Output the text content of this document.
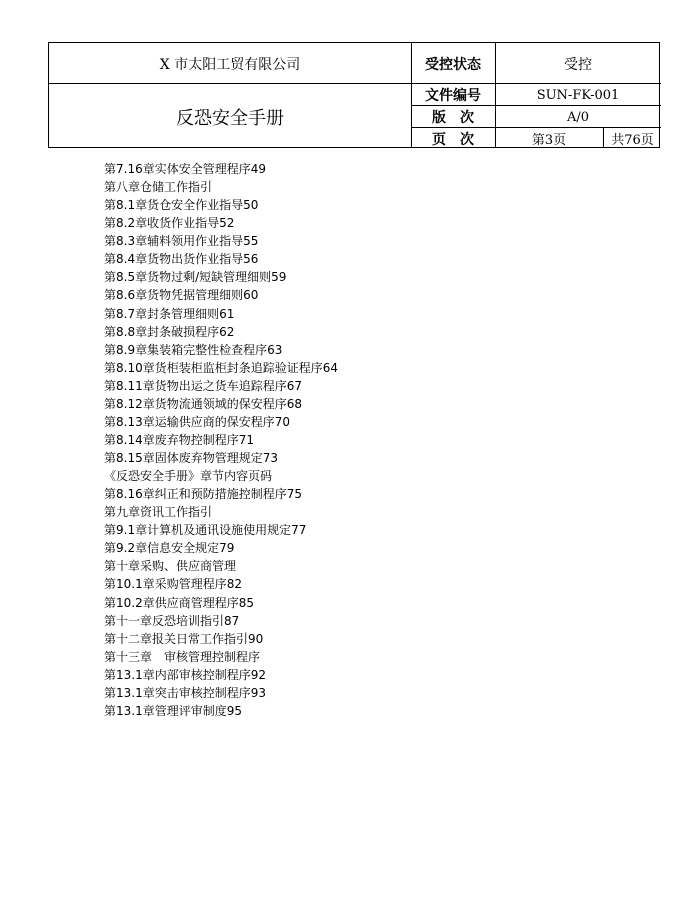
X 市太阳工贸有限公司
反恐安全手册
受控状态	受控
文件编号	SUN-FK-001
版　次	A/0
页　次	第3页	共76页
第7.16章实体安全管理程序49
第八章仓储工作指引
第8.1章货仓安全作业指导50
第8.2章收货作业指导52
第8.3章辅料领用作业指导55
第8.4章货物出货作业指导56
第8.5章货物过剩/短缺管理细则59
第8.6章货物凭据管理细则60
第8.7章封条管理细则61
第8.8章封条破损程序62
第8.9章集装箱完整性检查程序63
第8.10章货柜装柜监柜封条追踪验证程序64
第8.11章货物出运之货车追踪程序67
第8.12章货物流通领域的保安程序68
第8.13章运输供应商的保安程序70
第8.14章废弃物控制程序71
第8.15章固体废弃物管理规定73
《反恐安全手册》章节内容页码
第8.16章纠正和预防措施控制程序75
第九章资讯工作指引
第9.1章计算机及通讯设施使用规定77
第9.2章信息安全规定79
第十章采购、供应商管理
第10.1章采购管理程序82
第10.2章供应商管理程序85
第十一章反恐培训指引87
第十二章报关日常工作指引90
第十三章　审核管理控制程序
第13.1章内部审核控制程序92
第13.1章突击审核控制程序93
第13.1章管理评审制度95
